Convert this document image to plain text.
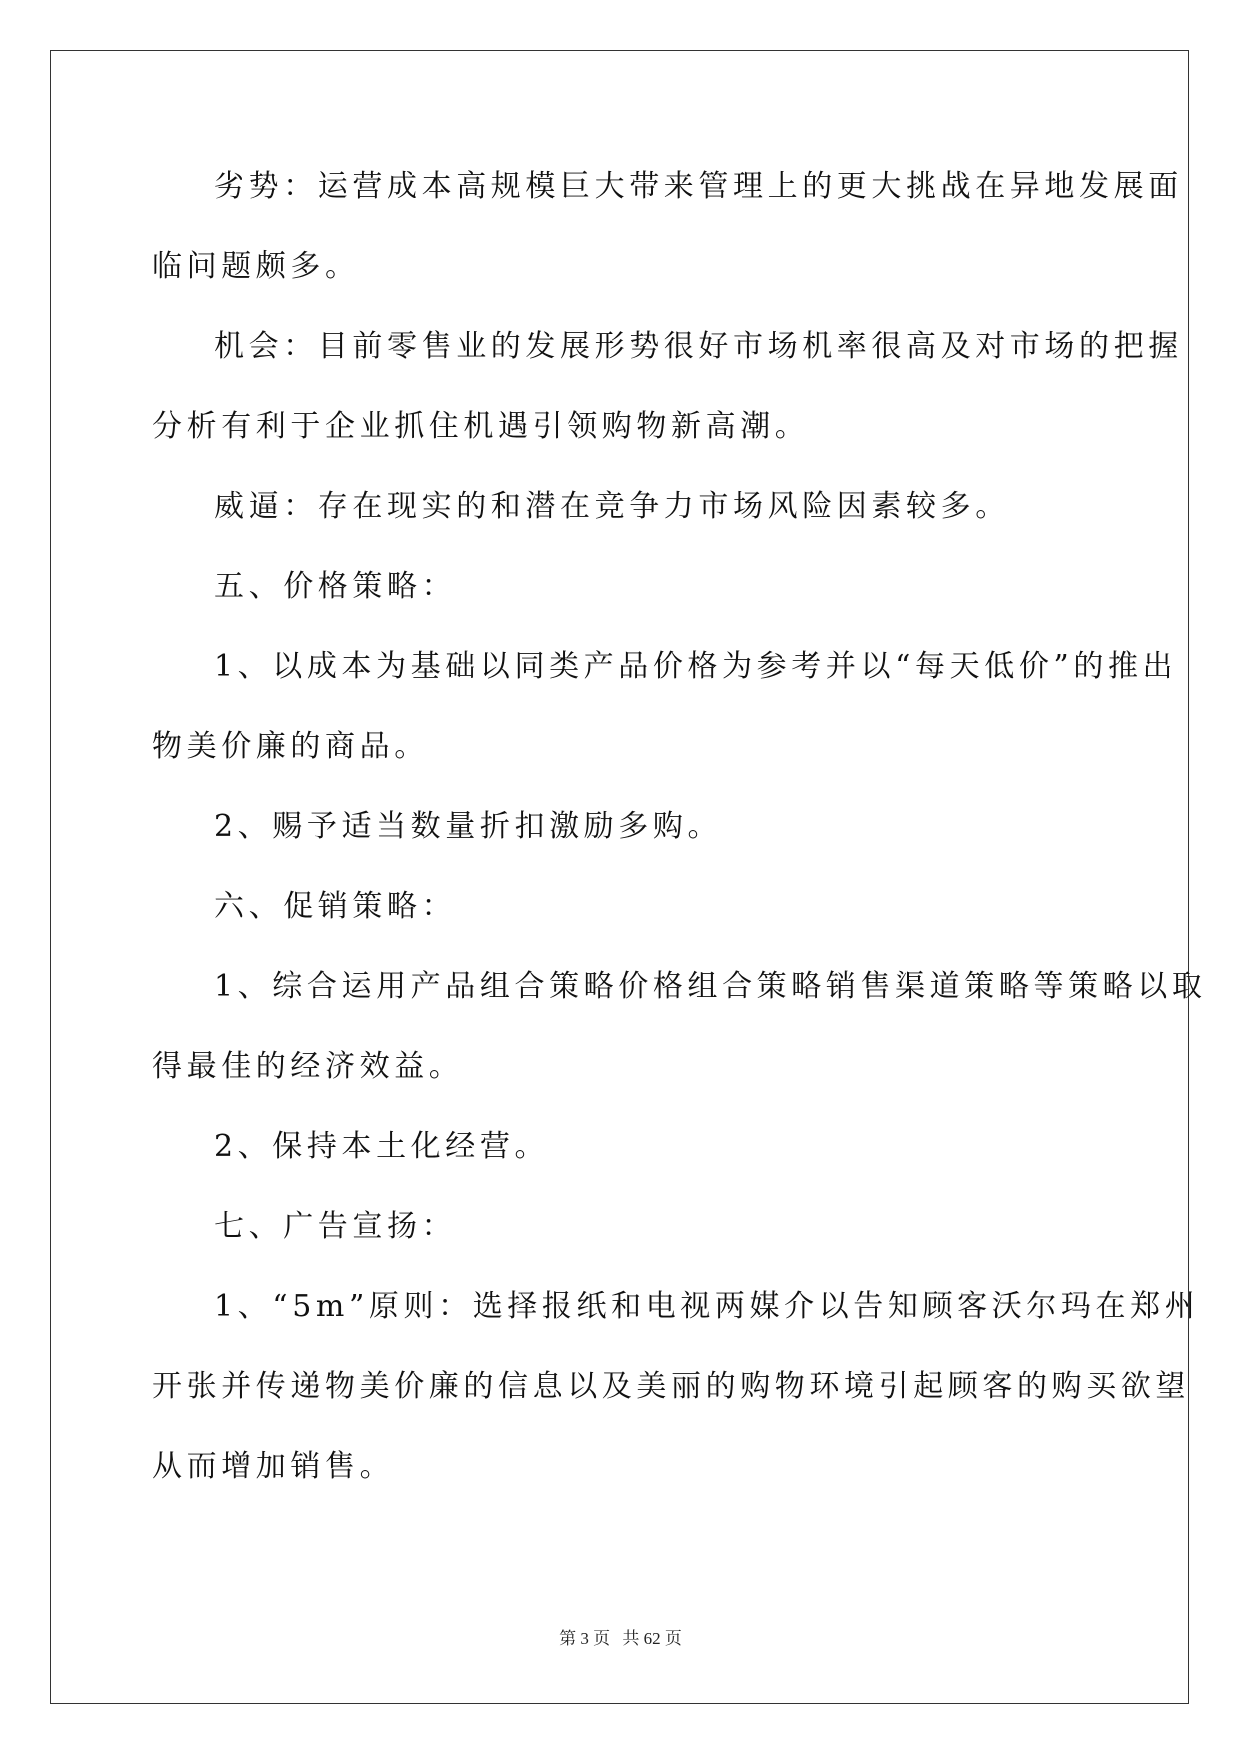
劣势：运营成本高规模巨大带来管理上的更大挑战在异地发展面
临问题颇多。
机会：目前零售业的发展形势很好市场机率很高及对市场的把握
分析有利于企业抓住机遇引领购物新高潮。
威逼：存在现实的和潜在竞争力市场风险因素较多。
五、价格策略：
1、以成本为基础以同类产品价格为参考并以“每天低价”的推出
物美价廉的商品。
2、赐予适当数量折扣激励多购。
六、促销策略：
1、综合运用产品组合策略价格组合策略销售渠道策略等策略以取
得最佳的经济效益。
2、保持本土化经营。
七、广告宣扬：
1、“5m”原则：选择报纸和电视两媒介以告知顾客沃尔玛在郑州
开张并传递物美价廉的信息以及美丽的购物环境引起顾客的购买欲望
从而增加销售。
第 3 页 共 62 页
